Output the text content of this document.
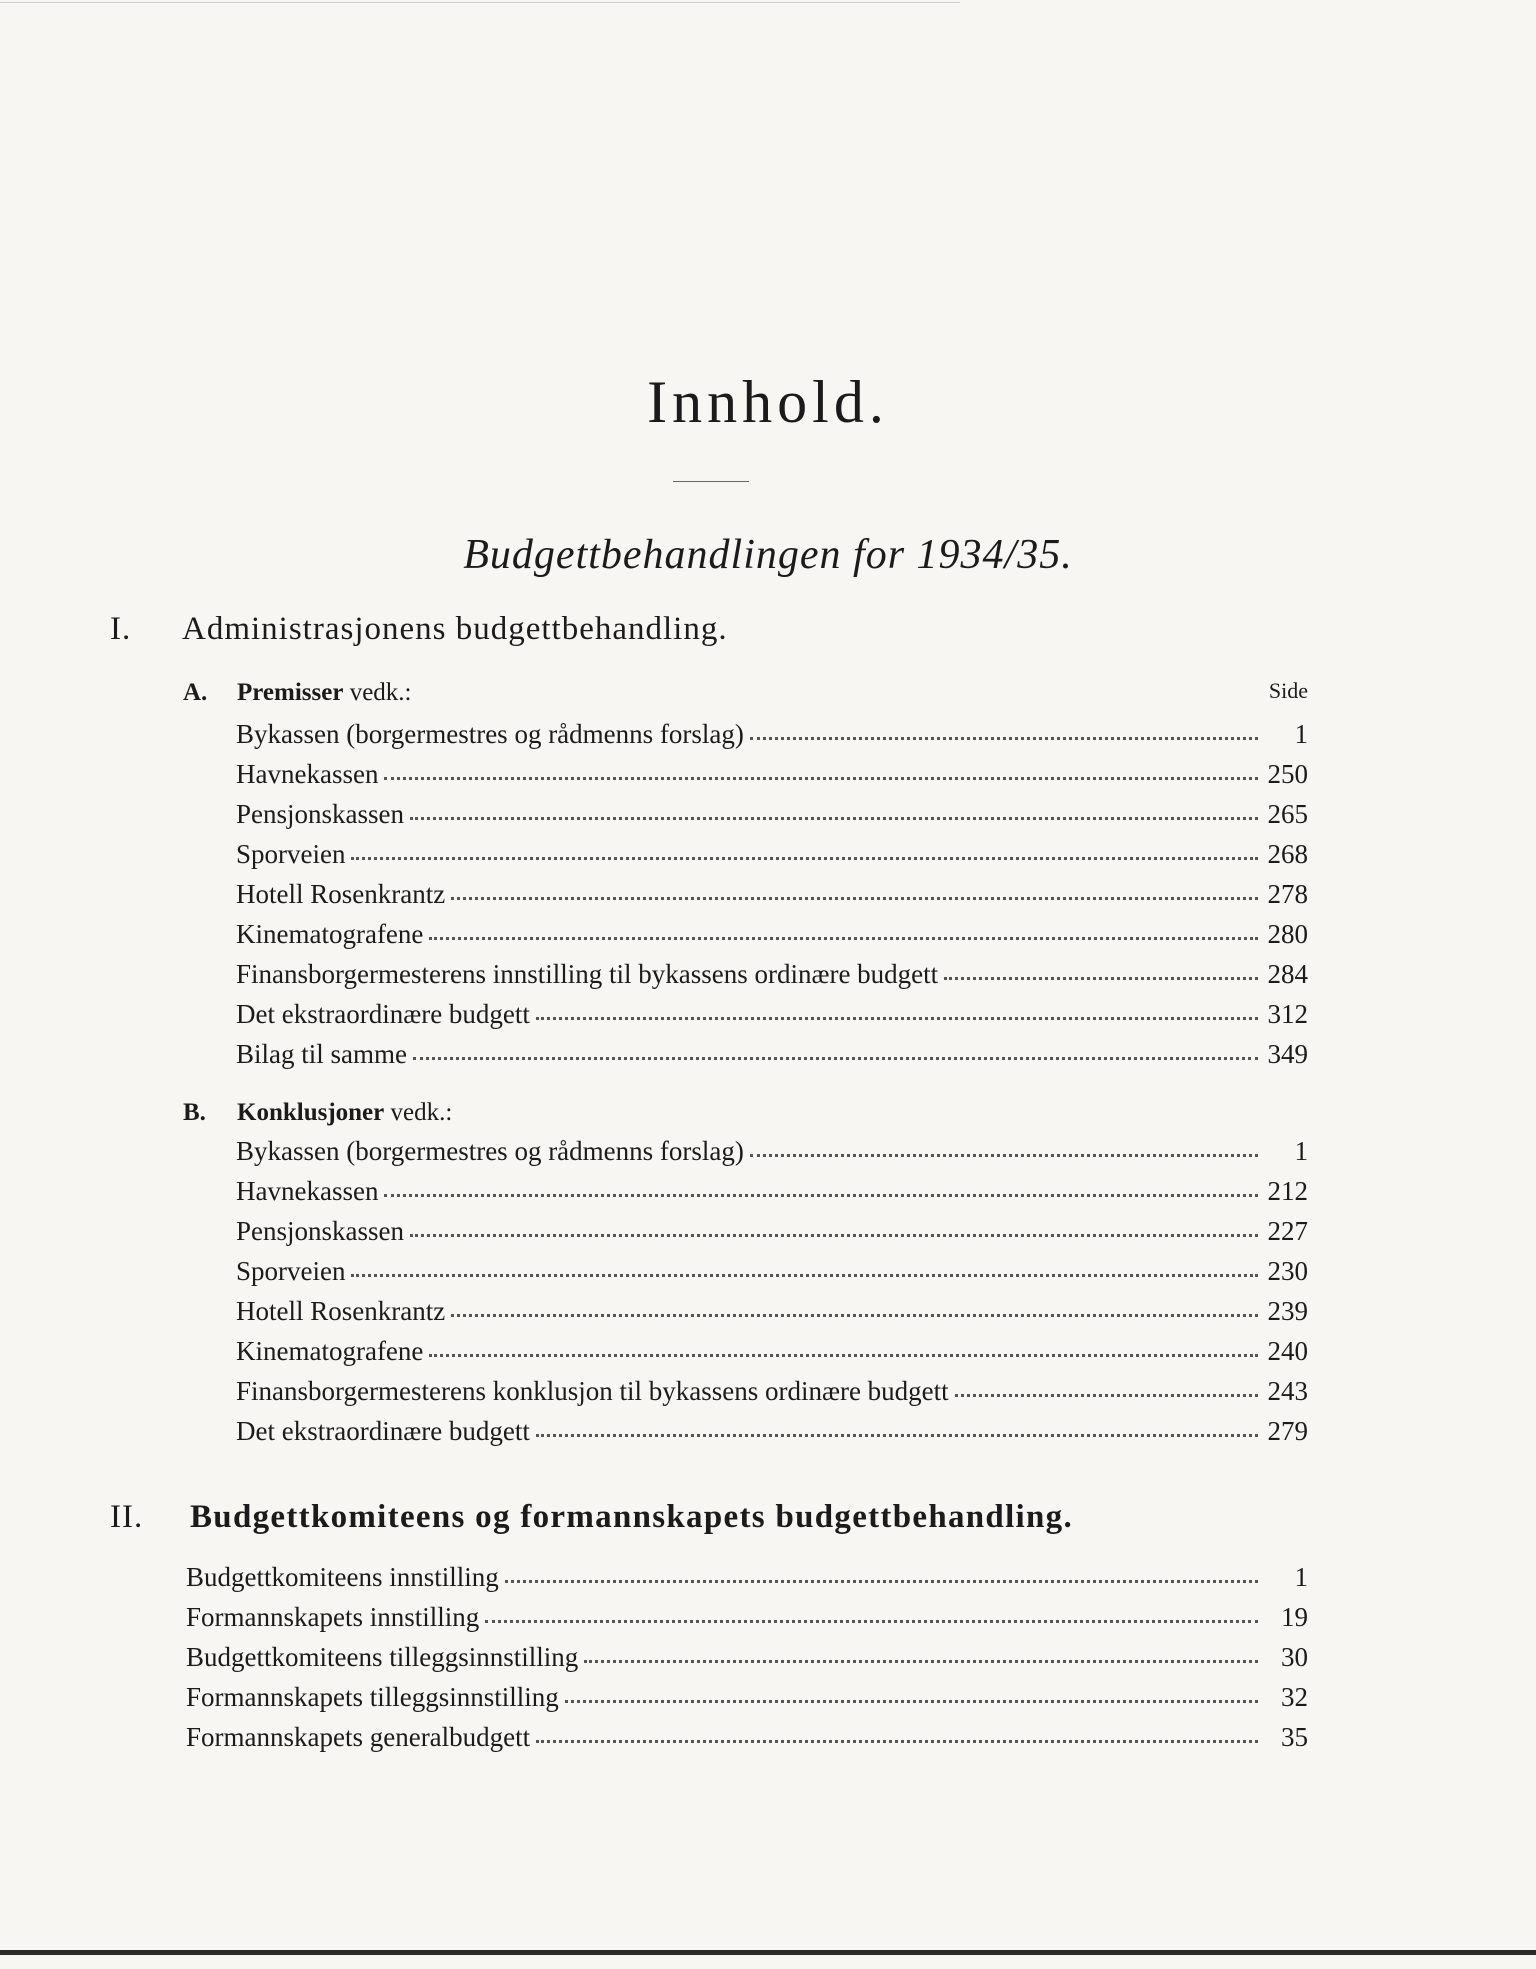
Innhold.
Budgettbehandlingen for 1934/35.
I.	Administrasjonens budgettbehandling.
A. Premisser vedk.:	Side
Bykassen (borgermestres og rådmenns forslag)	1
Havnekassen	250
Pensjonskassen	265
Sporveien	268
Hotell Rosenkrantz	278
Kinematografene	280
Finansborgermesterens innstilling til bykassens ordinære budgett	284
Det ekstraordinære budgett	312
Bilag til samme	349
B. Konklusjoner vedk.:
Bykassen (borgermestres og rådmenns forslag)	1
Havnekassen	212
Pensjonskassen	227
Sporveien	230
Hotell Rosenkrantz	239
Kinematografene	240
Finansborgermesterens konklusjon til bykassens ordinære budgett	243
Det ekstraordinære budgett	279
II.	Budgettkomiteens og formannskapets budgettbehandling.
Budgettkomiteens innstilling	1
Formannskapets innstilling	19
Budgettkomiteens tilleggsinnstilling	30
Formannskapets tilleggsinnstilling	32
Formannskapets generalbudgett	35
